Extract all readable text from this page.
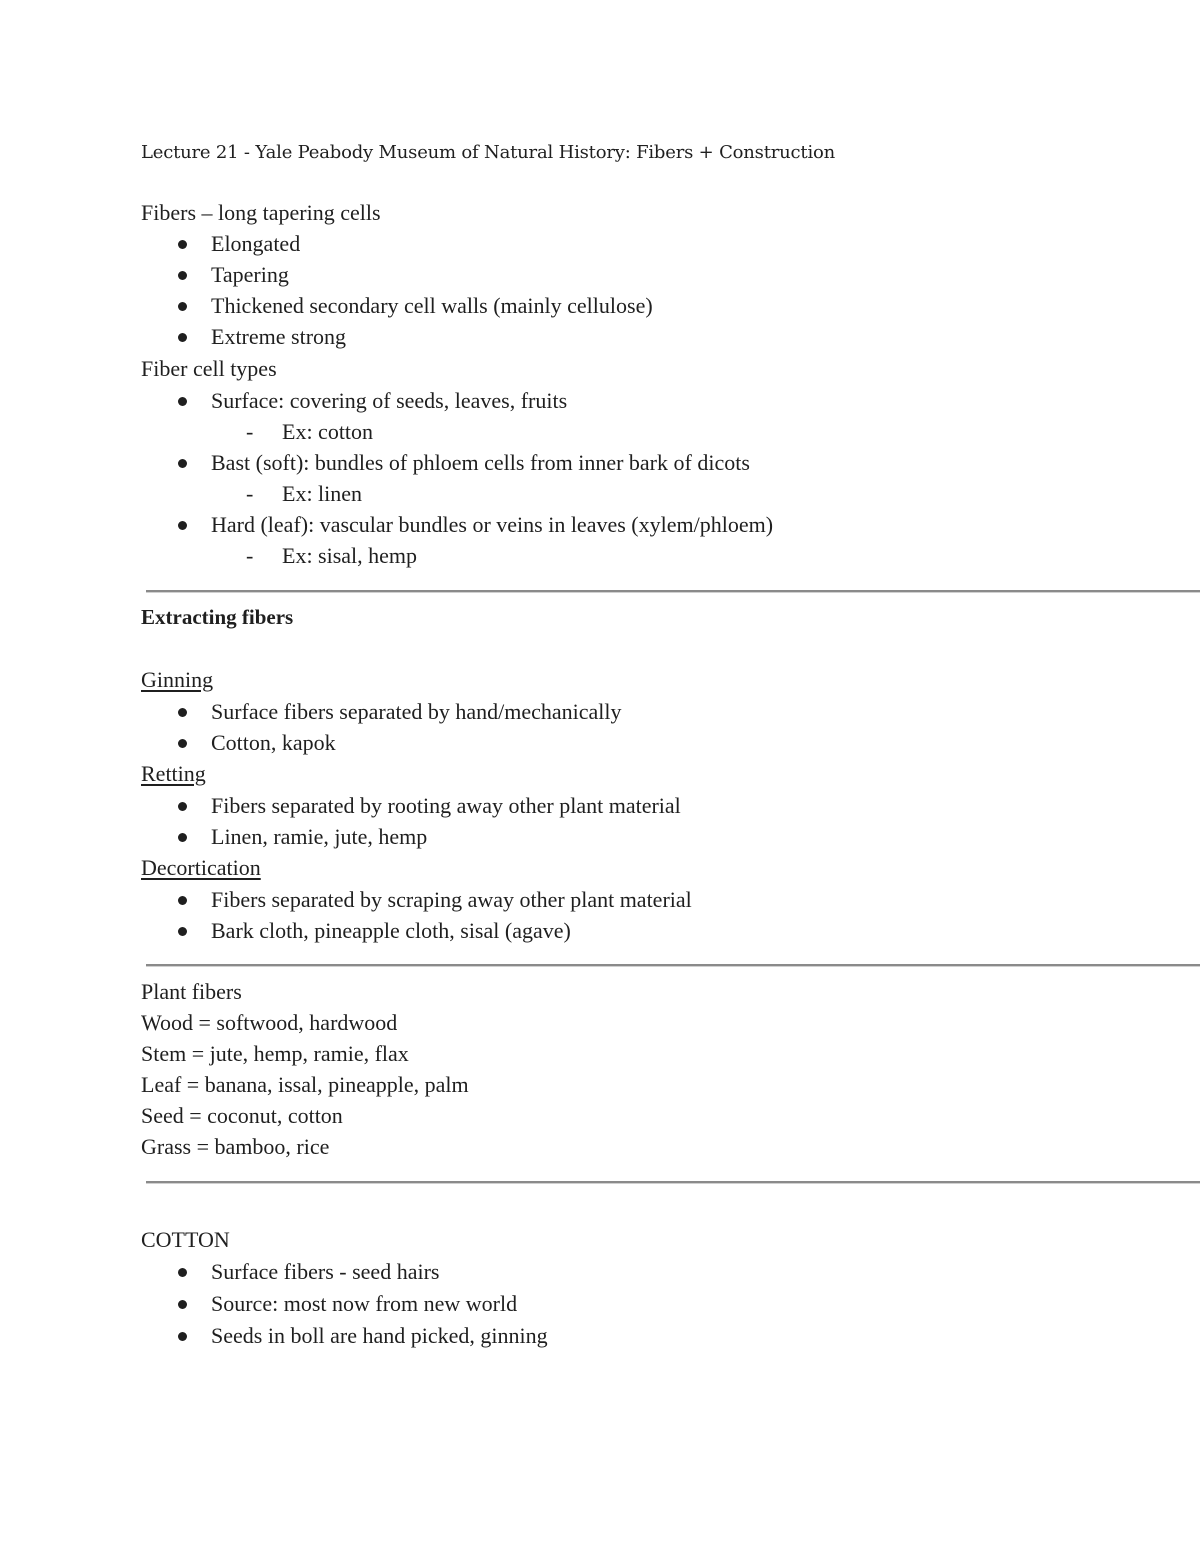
Lecture 21 - Yale Peabody Museum of Natural History: Fibers + Construction
Fibers – long tapering cells
Elongated
Tapering
Thickened secondary cell walls (mainly cellulose)
Extreme strong
Fiber cell types
Surface: covering of seeds, leaves, fruits
- Ex: cotton
Bast (soft): bundles of phloem cells from inner bark of dicots
- Ex: linen
Hard (leaf): vascular bundles or veins in leaves (xylem/phloem)
- Ex: sisal, hemp
Extracting fibers
Ginning
Surface fibers separated by hand/mechanically
Cotton, kapok
Retting
Fibers separated by rooting away other plant material
Linen, ramie, jute, hemp
Decortication
Fibers separated by scraping away other plant material
Bark cloth, pineapple cloth, sisal (agave)
Plant fibers
Wood = softwood, hardwood
Stem = jute, hemp, ramie, flax
Leaf = banana, issal, pineapple, palm
Seed = coconut, cotton
Grass = bamboo, rice
COTTON
Surface fibers - seed hairs
Source: most now from new world
Seeds in boll are hand picked, ginning
